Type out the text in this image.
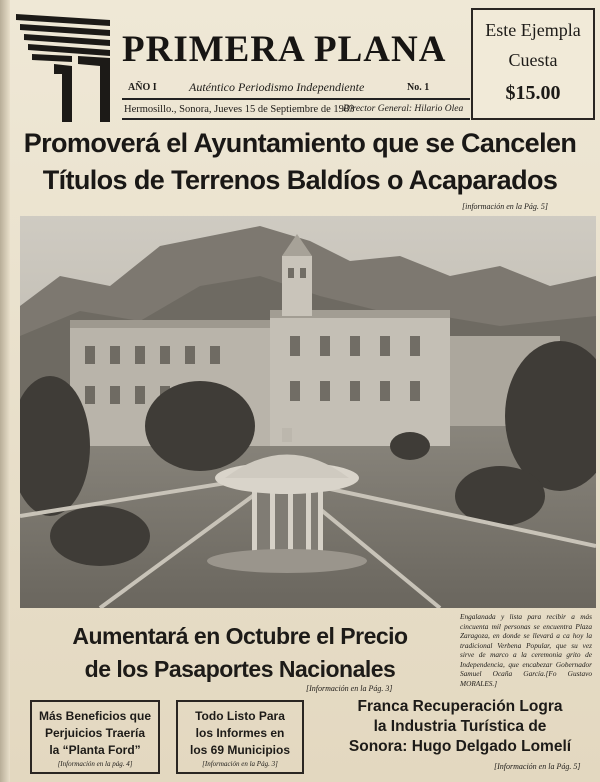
PRIMERA PLANA
AÑO I	Auténtico Periodismo Independiente	No. 1
Hermosillo., Sonora, Jueves 15 de Septiembre de 1983
Director General: Hilario Olea
Este Ejempla
Cuesta
$15.00
Promoverá el Ayuntamiento que se Cancelen
Títulos de Terrenos Baldíos o Acaparados
[información en la Pág. 5]
Aumentará en Octubre el Precio
de los Pasaportes Nacionales
[Información en la Pág. 3]
Engalanada y lista para recibir a más cincuenta mil personas se encuentra Plaza Zaragoza, en donde se llevará a ca hoy la tradicional Verbena Popular, que su vez sirve de marco a la ceremonia grito de Independencia, que encabezar Gobernador Samuel Ocaña García.[Fo Gustavo MORALES.]
Más Beneficios que
Perjuicios Traería
la “Planta Ford”
[Información en la pág. 4]
Todo Listo Para
los Informes en
los 69 Municipios
[Información en la Pág. 3]
Franca Recuperación Logra
la Industria Turística de
Sonora: Hugo Delgado Lomelí
[Información en la Pág. 5]
